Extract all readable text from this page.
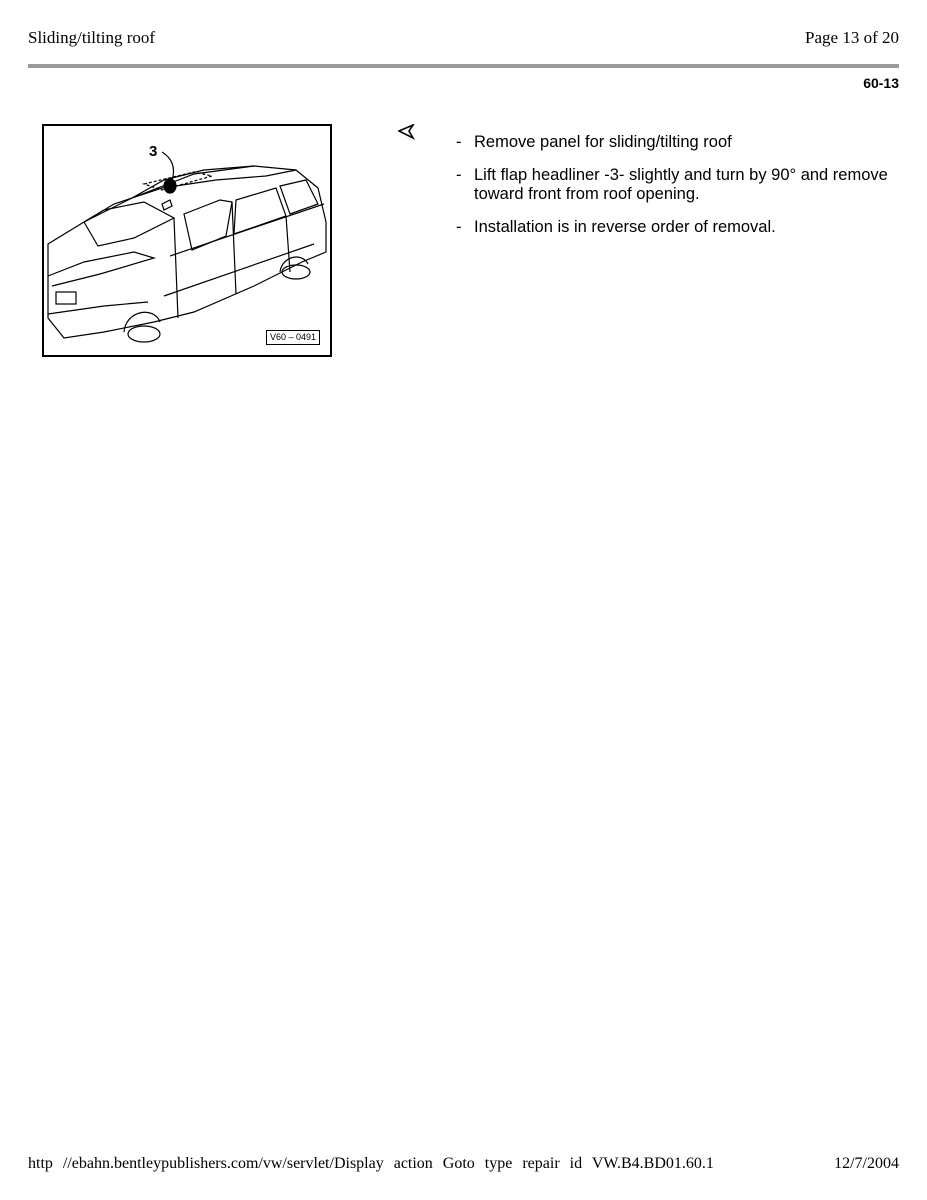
Sliding/tilting roof	Page 13 of 20
60-13
3
V60 – 0491
- Remove panel for sliding/tilting roof
- Lift flap headliner -3- slightly and turn by 90° and remove toward front from roof opening.
- Installation is in reverse order of removal.
http //ebahn.bentleypublishers.com/vw/servlet/Display action Goto type repair id VW.B4.BD01.60.1	12/7/2004
